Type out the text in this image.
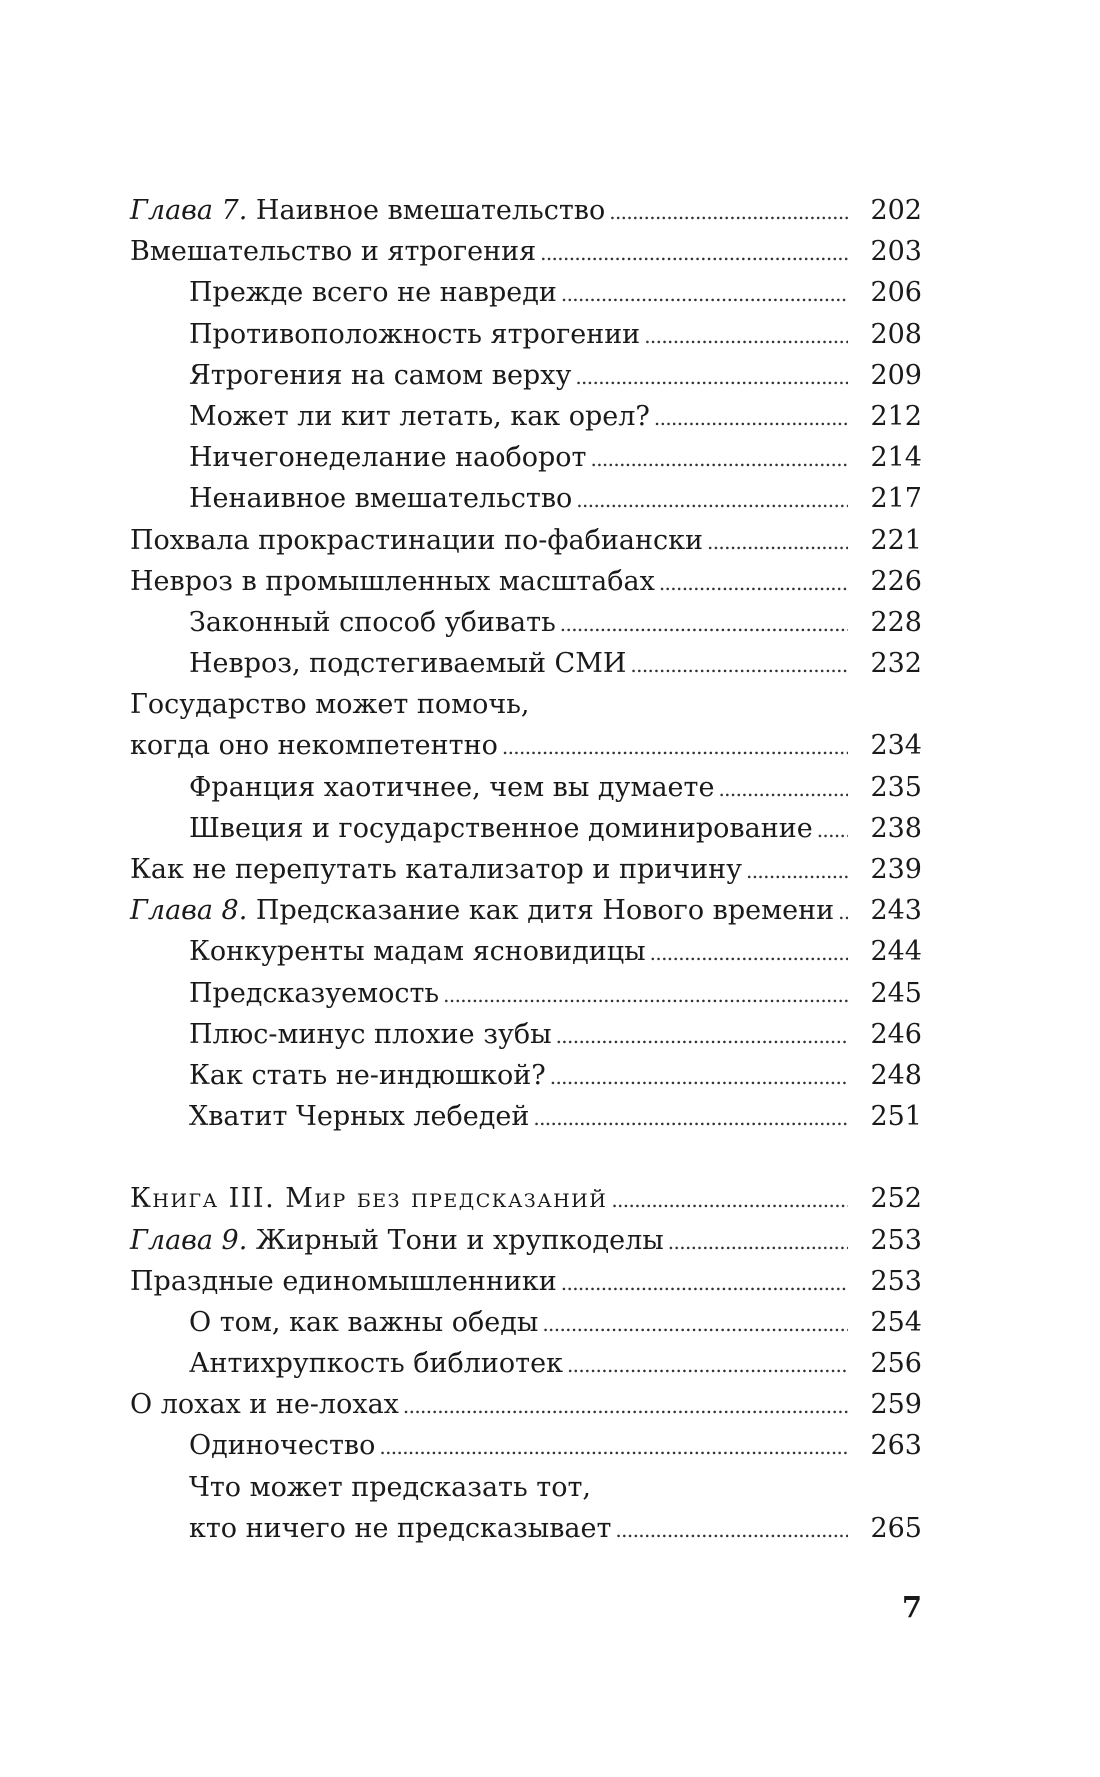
Глава 7. Наивное вмешательство . . .	202
Вмешательство и ятрогения . . .	203
Прежде всего не навреди . . .	206
Противоположность ятрогении . . .	208
Ятрогения на самом верху . . .	209
Может ли кит летать, как орел? . . .	212
Ничегонеделание наоборот . . .	214
Ненаивное вмешательство . . .	217
Похвала прокрастинации по-фабиански . . .	221
Невроз в промышленных масштабах . . .	226
Законный способ убивать . . .	228
Невроз, подстегиваемый СМИ . . .	232
Государство может помочь,
когда оно некомпетентно . . .	234
Франция хаотичнее, чем вы думаете . . .	235
Швеция и государственное доминирование . . .	238
Как не перепутать катализатор и причину . . .	239
Глава 8. Предсказание как дитя Нового времени . . .	243
Конкуренты мадам ясновидицы . . .	244
Предсказуемость . . .	245
Плюс-минус плохие зубы . . .	246
Как стать не-индюшкой? . . .	248
Хватит Черных лебедей . . .	251
Книга III. Мир без предсказаний . . .	252
Глава 9. Жирный Тони и хрупкоделы . . .	253
Праздные единомышленники . . .	253
О том, как важны обеды . . .	254
Антихрупкость библиотек . . .	256
О лохах и не-лохах . . .	259
Одиночество . . .	263
Что может предсказать тот,
кто ничего не предсказывает . . .	265
7
